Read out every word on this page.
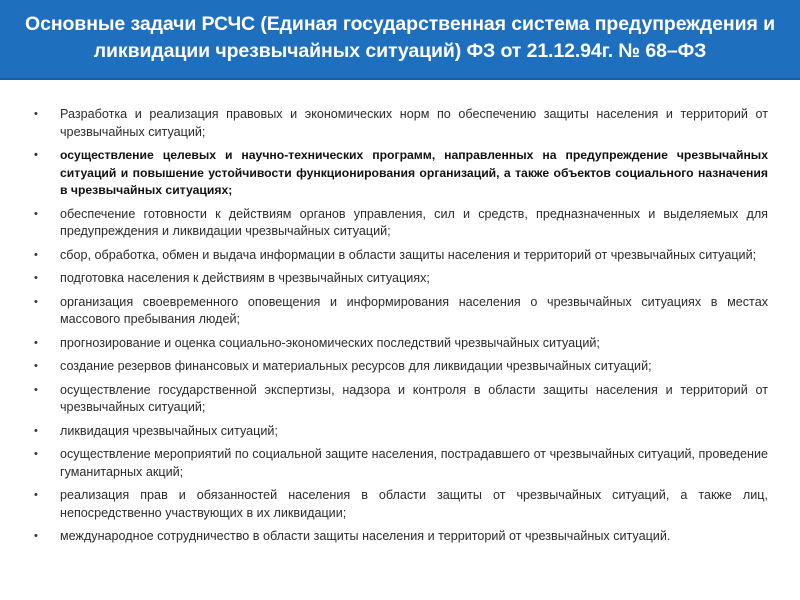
Основные задачи РСЧС (Единая государственная система предупреждения и ликвидации чрезвычайных ситуаций) ФЗ от 21.12.94г. № 68–ФЗ
•	Разработка и реализация правовых и экономических норм по обеспечению защиты населения и территорий от чрезвычайных ситуаций;
•	осуществление целевых и научно-технических программ, направленных на предупреждение чрезвычайных ситуаций и повышение устойчивости функционирования организаций, а также объектов социального назначения в чрезвычайных ситуациях;
•	обеспечение готовности к действиям органов управления, сил и средств, предназначенных и выделяемых для предупреждения и ликвидации чрезвычайных ситуаций;
•	сбор, обработка, обмен и выдача информации в области защиты населения и территорий от чрезвычайных ситуаций;
•	подготовка населения к действиям в чрезвычайных ситуациях;
•	организация своевременного оповещения и информирования населения о чрезвычайных ситуациях в местах массового пребывания людей;
•	прогнозирование и оценка социально-экономических последствий чрезвычайных ситуаций;
•	создание резервов финансовых и материальных ресурсов для ликвидации чрезвычайных ситуаций;
•	осуществление государственной экспертизы, надзора и контроля в области защиты населения и территорий от чрезвычайных ситуаций;
•	ликвидация чрезвычайных ситуаций;
•	осуществление мероприятий по социальной защите населения, пострадавшего от чрезвычайных ситуаций, проведение гуманитарных акций;
•	реализация прав и обязанностей населения в области защиты от чрезвычайных ситуаций, а также лиц, непосредственно участвующих в их ликвидации;
•	международное сотрудничество в области защиты населения и территорий от чрезвычайных ситуаций.
